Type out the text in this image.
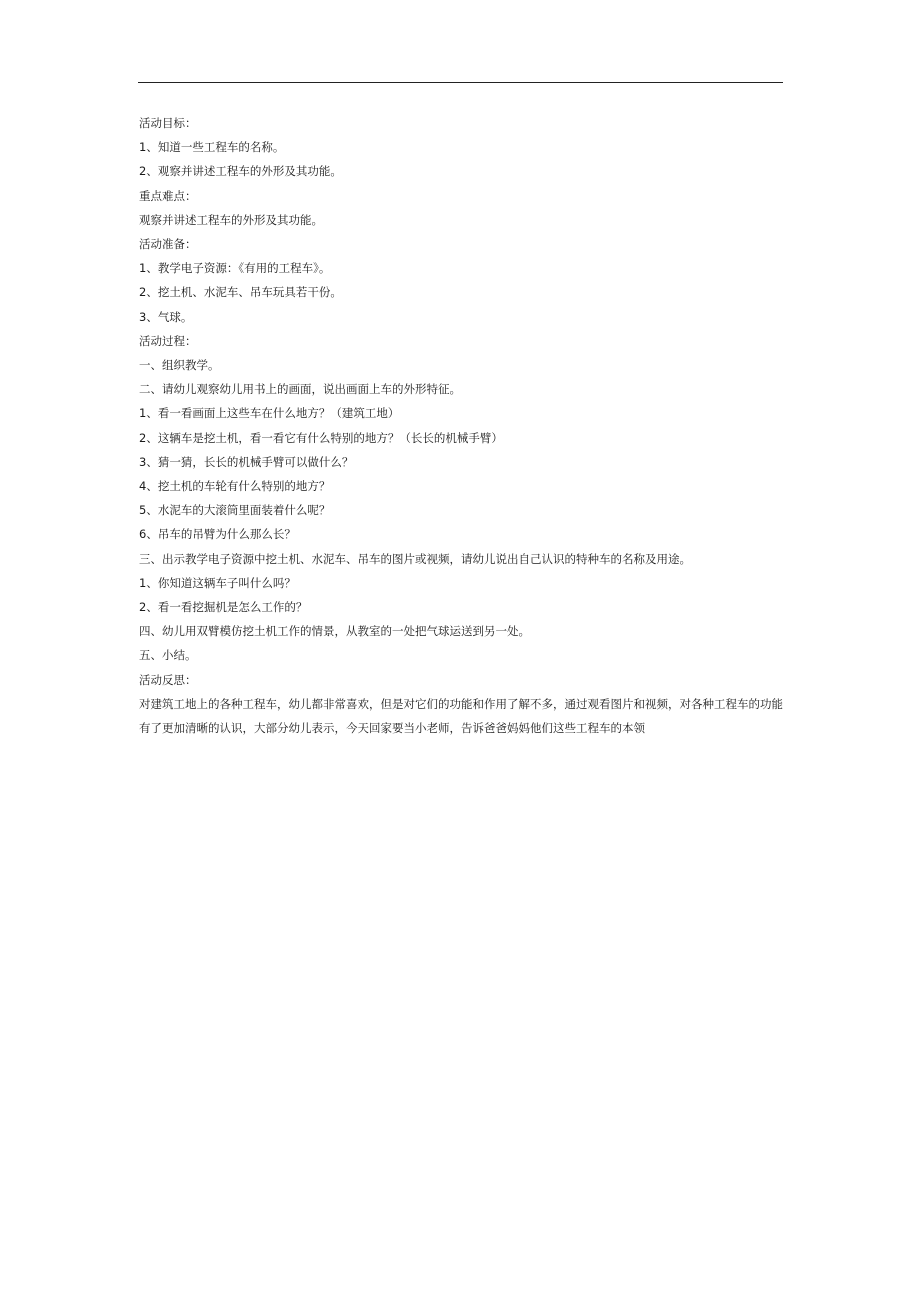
活动目标：
1、知道一些工程车的名称。
2、观察并讲述工程车的外形及其功能。
重点难点：
观察并讲述工程车的外形及其功能。
活动准备：
1、教学电子资源：《有用的工程车》。
2、挖土机、水泥车、吊车玩具若干份。
3、气球。
活动过程：
一、组织教学。
二、请幼儿观察幼儿用书上的画面，说出画面上车的外形特征。
1、看一看画面上这些车在什么地方？（建筑工地）
2、这辆车是挖土机，看一看它有什么特别的地方？（长长的机械手臂）
3、猜一猜，长长的机械手臂可以做什么？
4、挖土机的车轮有什么特别的地方？
5、水泥车的大滚筒里面装着什么呢？
6、吊车的吊臂为什么那么长？
三、出示教学电子资源中挖土机、水泥车、吊车的图片或视频，请幼儿说出自己认识的特种车的名称及用途。
1、你知道这辆车子叫什么吗？
2、看一看挖掘机是怎么工作的？
四、幼儿用双臂模仿挖土机工作的情景，从教室的一处把气球运送到另一处。
五、小结。
活动反思：
对建筑工地上的各种工程车，幼儿都非常喜欢，但是对它们的功能和作用了解不多，通过观看图片和视频，对各种工程车的功能有了更加清晰的认识，大部分幼儿表示，今天回家要当小老师，告诉爸爸妈妈他们这些工程车的本领
